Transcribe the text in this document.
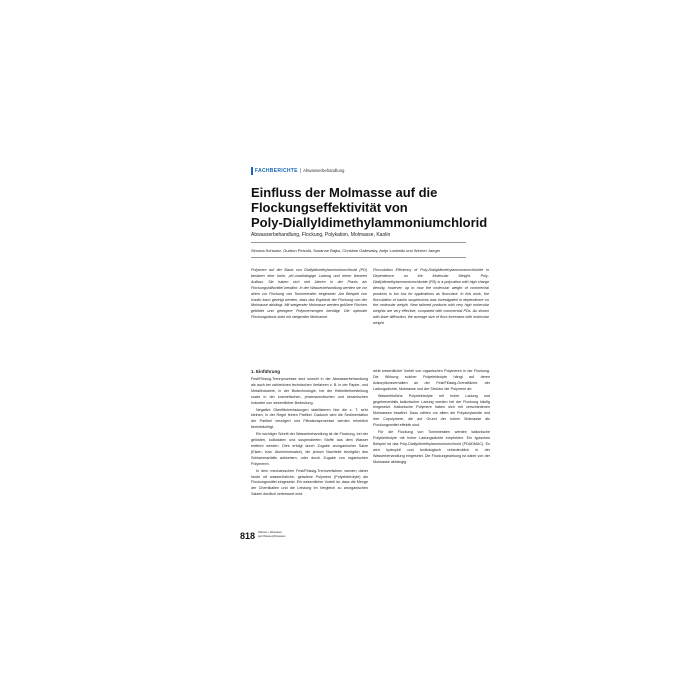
FACHBERICHTE | Abwasserbehandlung
Einfluss der Molmasse auf die
Flockungseffektivität von
Poly-Diallyldimethylammoniumchlorid
Abwasserbehandlung, Flockung, Polykation, Molmasse, Kaolin
Simona Schwarz, Gudrun Petzold, Susanne Bajko, Christine Gallewsky, Antje Lunkwitz und Werner Jaeger
Polymere auf der Basis von Diallyldimethylammoniumchlorid (PD) besitzen eine hohe, pH-unabhängige Ladung und einen linearen Aufbau. Sie haben sich seit Jahren in der Praxis als Flockungshilfsmittel bewährt. In der Wasserbehandlung werden sie vor allem zur Flockung von Tonmineralen eingesetzt. Am Beispiel von Kaolin kann gezeigt werden, dass das Ergebnis der Flockung von der Molmasse abhängt. Mit steigender Molmasse werden größere Flocken gebildet und geringere Polymermengen benötigt. Die optimale Flockungsdosis sinkt mit steigender Molmasse.
Flocculation Efficiency of Poly-Diallyldimethylammoniumchloride in Dependence on the Molecular Weight. Poly-Diallyldimethylammoniumchloride (PD) is a polycation with high charge density, however, up to now the molecular weight of commercial products is too low for applications as flocculant. In this work, the flocculation of kaolin suspensions was investigated in dependence on the molecular weight. New tailored products with very high molecular weights are very effective, compared with commercial PDs. As shown with laser diffraction, the average size of flocs increases with molecular weight.
1. Einführung

Fest/Flüssig-Trennprozesse sind sowohl in der Abwasserbehandlung als auch bei zahlreichen technischen Verfahren z. B. in der Papier- und Metallindustrie, in der Biotechnologie, bei der Heilmittelherstellung sowie in der kosmetischen, pharmazeutischen und keramischen Industrie von wesentlicher Bedeutung.

Negative Oberflächenladungen stabilisieren hier die z. T. sehr kleinen, in der Regel feinen Partikel. Dadurch wird die Sedimentation der Partikel verzögert und Filtrationsprozesse werden erheblich beeinträchtigt.

Ein wichtiger Schritt der Wasserbehandlung ist die Flockung, bei der gelösten, kolloidalen und suspendierten Stoffe aus dem Wasser entfernt werden. Dies erfolgt durch Zugabe anorganischer Salze (Eisen- bzw. Aluminiumsalze), die jedoch Nachteile bezüglich des Schlammanfalls aufweisen, oder durch Zugabe von organischen Polymeren.

In dem mechanischen Fest/Flüssig-Trennverfahren werden daher heute oft wasserlösliche, geladene Polymere (Polyelektrolyte) als Flockungsmittel eingesetzt. Ein wesentlicher Vorteil ist, dass die Menge der Chemikalien und die Leistung im Vergleich zu anorganischen Salzen deutlich verbessert wird.

wirkt wesentlicher Vorteil von organischen Polymeren in der Flockung. Die Wirkung solcher Polyelektrolyte hängt auf deren Adsorptionsverhalten an der Fest/Flüssig-Grenzfläche, der Ladungsdichte, Molmasse und der Struktur der Polymere ab.

Wasserlösliche Polyelektrolyte mit hoher Ladung und gegebenenfalls kationischer Ladung werden bei der Flockung häufig eingesetzt. Kationische Polymere haben sich mit verschiedenen Molmassen bewährt. Dazu zählen vor allem die Polyacrylamide und ihre Copolymere, die auf Grund der hohen Molmasse als Flockungsmittel effektiv sind.

Für die Flockung von Tonmineralen werden kationische Polyelektrolyte mit hoher Ladungsdichte empfohlen. Ein typisches Beispiel ist das Poly-Diallyldimethylammoniumchlorid (PDADMAC). Es wird hydrophil und toxikologisch unbedenklich in der Wasserbehandlung eingesetzt. Die Flockungswirkung ist dabei von der Molmasse abhängig.

818 Wasser • Abwasser
gwf-Wasser|Abwasser
